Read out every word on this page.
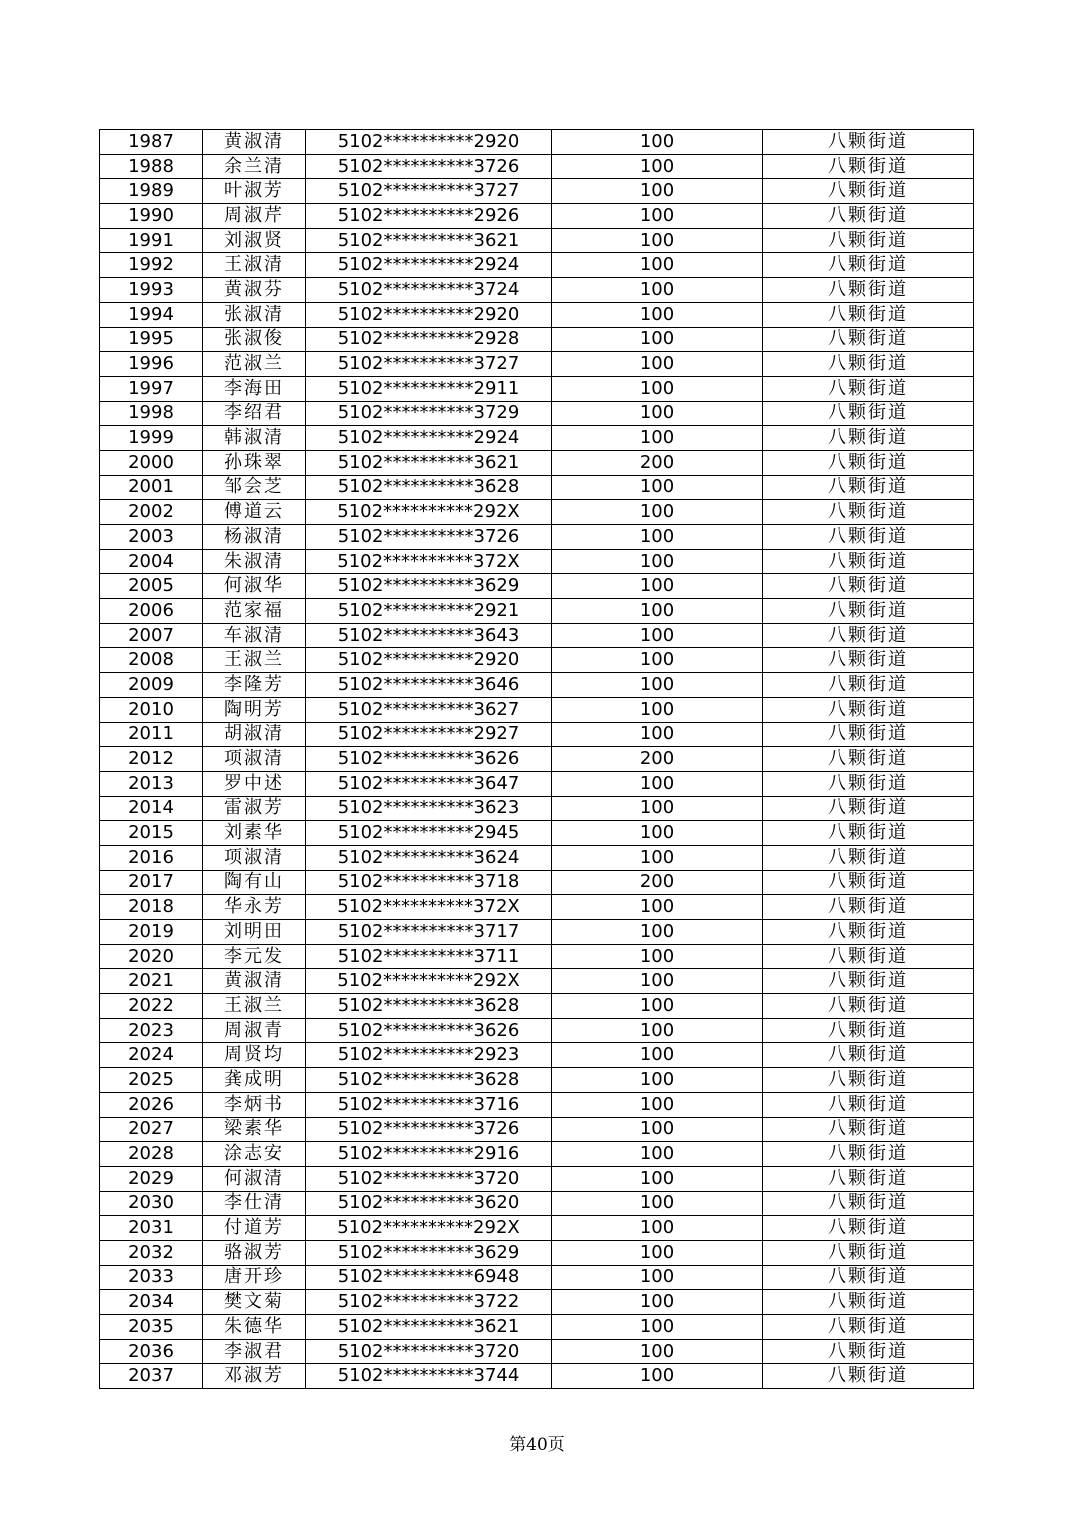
1987	黄淑清	5102**********2920	100	八颗街道
1988	余兰清	5102**********3726	100	八颗街道
1989	叶淑芳	5102**********3727	100	八颗街道
1990	周淑芹	5102**********2926	100	八颗街道
1991	刘淑贤	5102**********3621	100	八颗街道
1992	王淑清	5102**********2924	100	八颗街道
1993	黄淑芬	5102**********3724	100	八颗街道
1994	张淑清	5102**********2920	100	八颗街道
1995	张淑俊	5102**********2928	100	八颗街道
1996	范淑兰	5102**********3727	100	八颗街道
1997	李海田	5102**********2911	100	八颗街道
1998	李绍君	5102**********3729	100	八颗街道
1999	韩淑清	5102**********2924	100	八颗街道
2000	孙珠翠	5102**********3621	200	八颗街道
2001	邹会芝	5102**********3628	100	八颗街道
2002	傅道云	5102**********292X	100	八颗街道
2003	杨淑清	5102**********3726	100	八颗街道
2004	朱淑清	5102**********372X	100	八颗街道
2005	何淑华	5102**********3629	100	八颗街道
2006	范家福	5102**********2921	100	八颗街道
2007	车淑清	5102**********3643	100	八颗街道
2008	王淑兰	5102**********2920	100	八颗街道
2009	李隆芳	5102**********3646	100	八颗街道
2010	陶明芳	5102**********3627	100	八颗街道
2011	胡淑清	5102**********2927	100	八颗街道
2012	项淑清	5102**********3626	200	八颗街道
2013	罗中述	5102**********3647	100	八颗街道
2014	雷淑芳	5102**********3623	100	八颗街道
2015	刘素华	5102**********2945	100	八颗街道
2016	项淑清	5102**********3624	100	八颗街道
2017	陶有山	5102**********3718	200	八颗街道
2018	华永芳	5102**********372X	100	八颗街道
2019	刘明田	5102**********3717	100	八颗街道
2020	李元发	5102**********3711	100	八颗街道
2021	黄淑清	5102**********292X	100	八颗街道
2022	王淑兰	5102**********3628	100	八颗街道
2023	周淑青	5102**********3626	100	八颗街道
2024	周贤均	5102**********2923	100	八颗街道
2025	龚成明	5102**********3628	100	八颗街道
2026	李炳书	5102**********3716	100	八颗街道
2027	梁素华	5102**********3726	100	八颗街道
2028	涂志安	5102**********2916	100	八颗街道
2029	何淑清	5102**********3720	100	八颗街道
2030	李仕清	5102**********3620	100	八颗街道
2031	付道芳	5102**********292X	100	八颗街道
2032	骆淑芳	5102**********3629	100	八颗街道
2033	唐开珍	5102**********6948	100	八颗街道
2034	樊文菊	5102**********3722	100	八颗街道
2035	朱德华	5102**********3621	100	八颗街道
2036	李淑君	5102**********3720	100	八颗街道
2037	邓淑芳	5102**********3744	100	八颗街道
第40页
